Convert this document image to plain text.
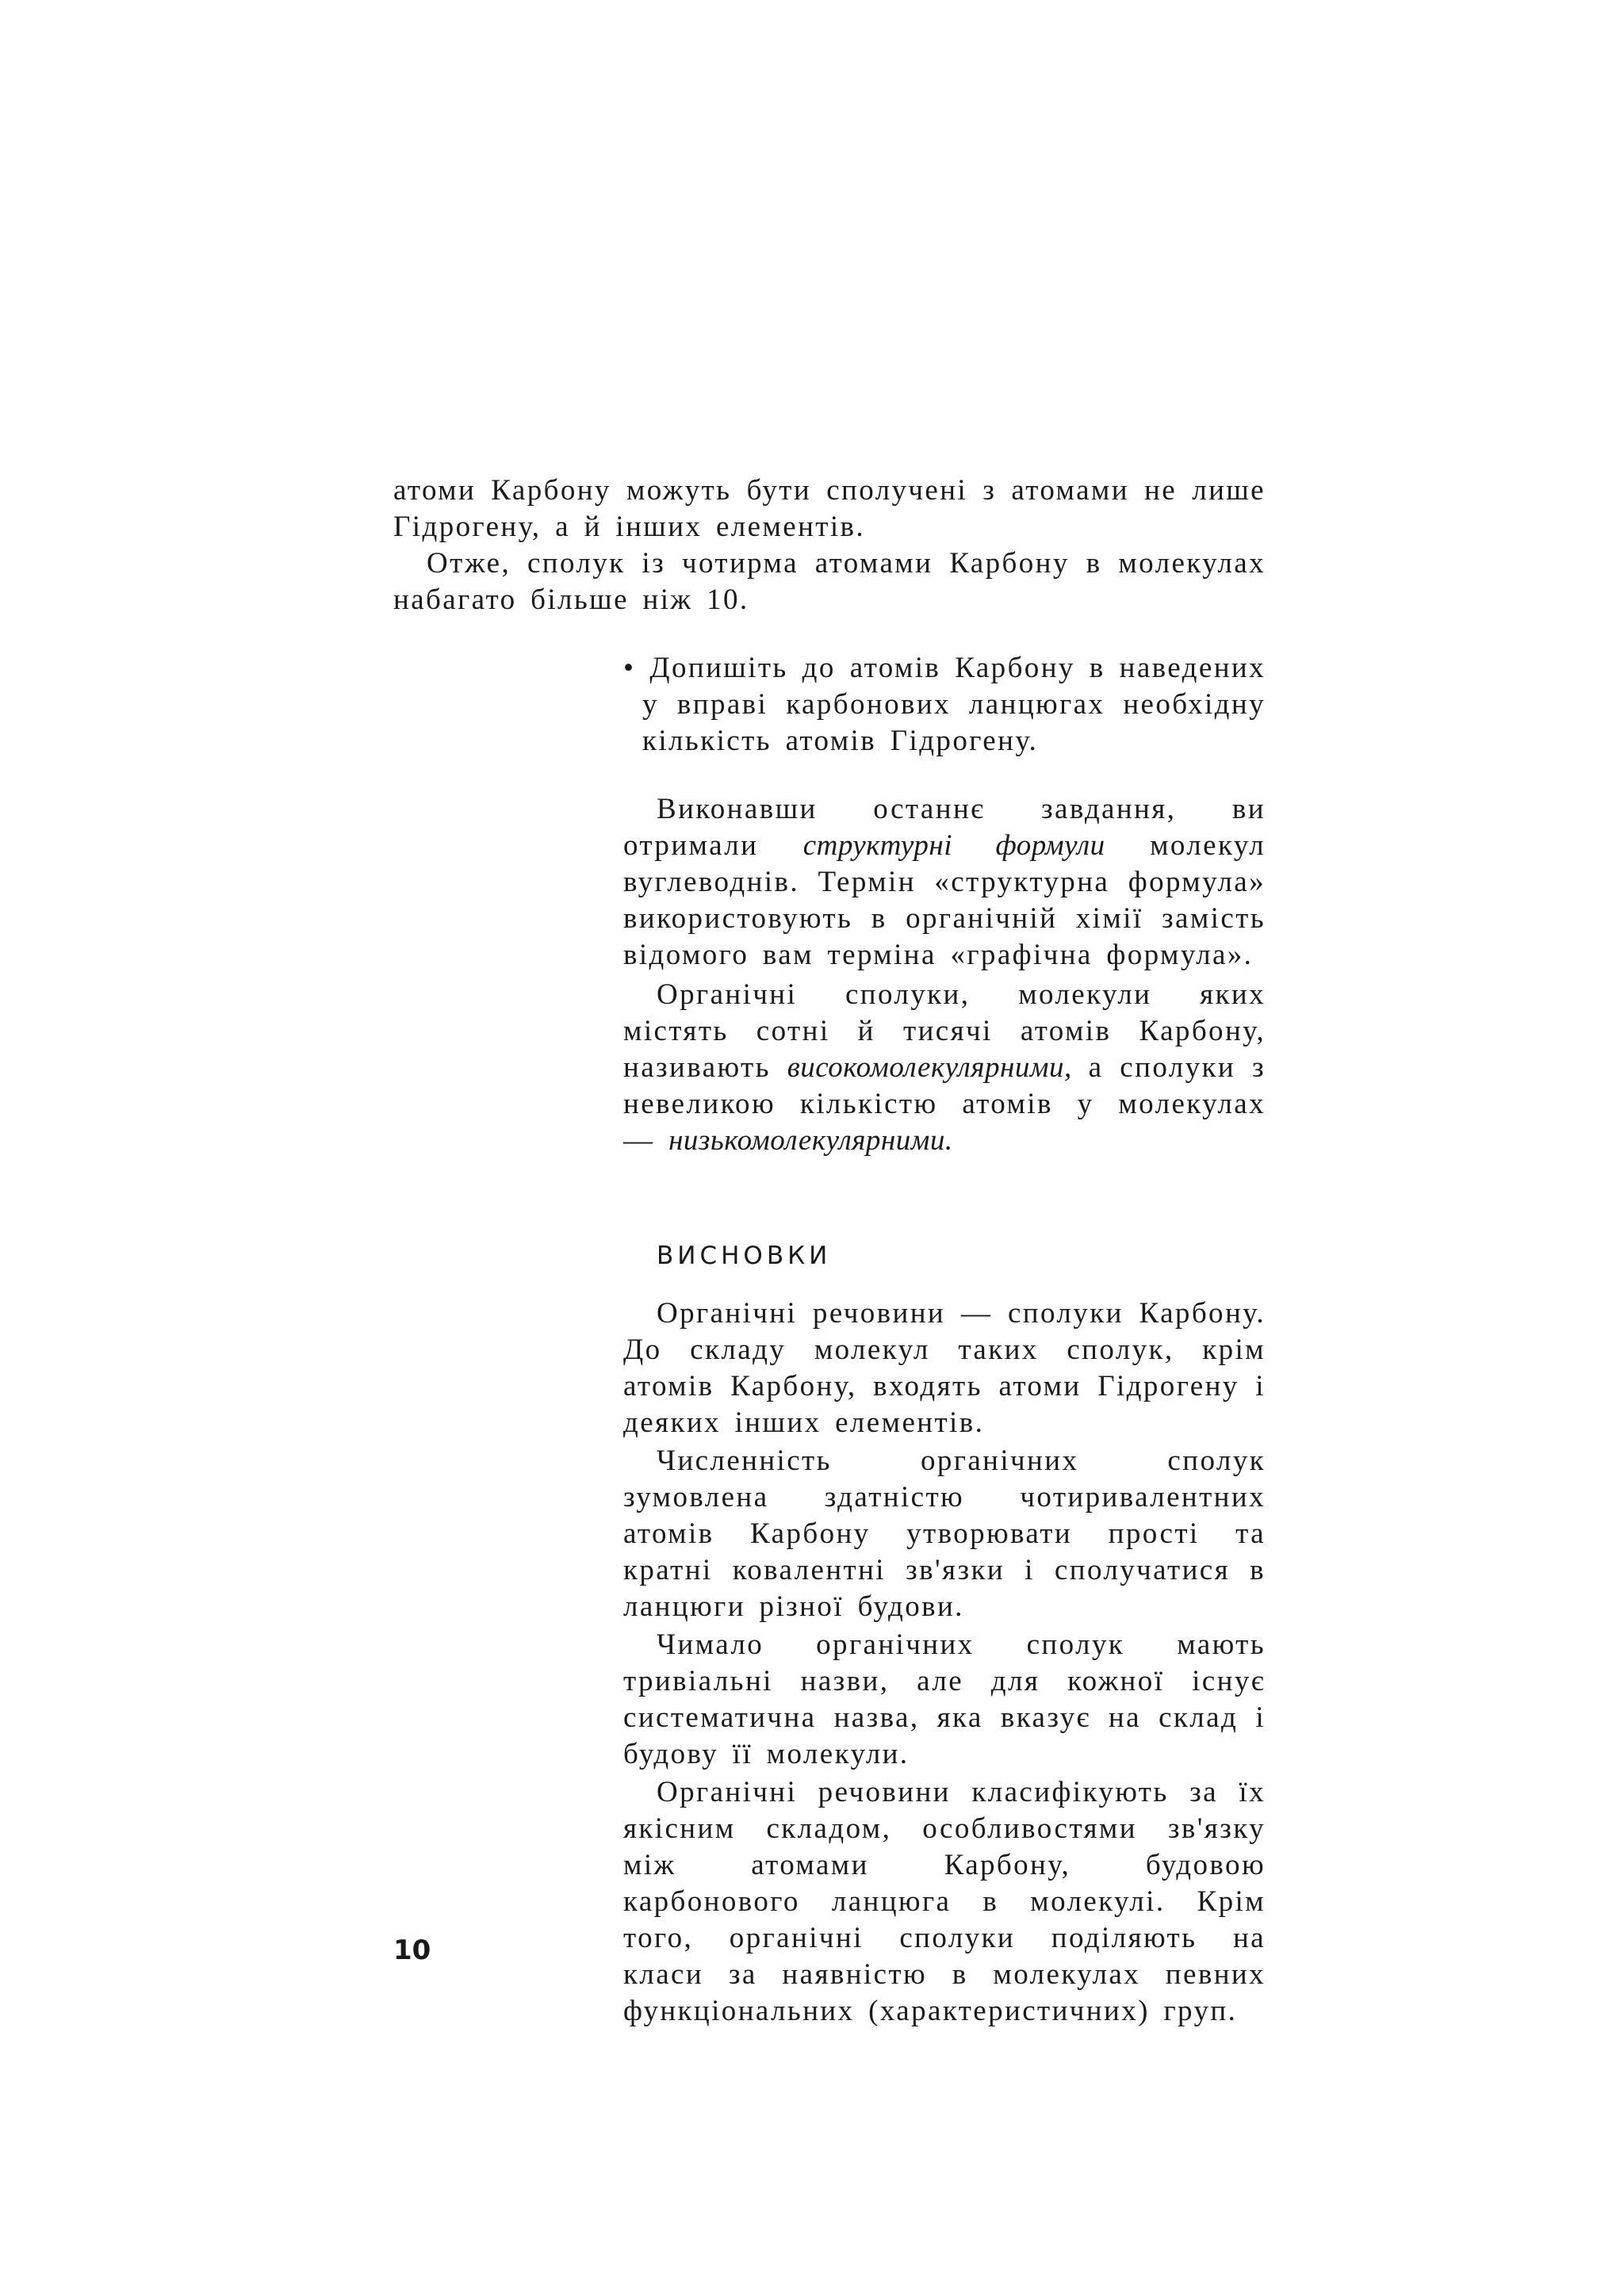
атоми Карбону можуть бути сполучені з атомами не лише Гідрогену, а й інших елементів.

Отже, сполук із чотирма атомами Карбону в молекулах набагато більше ніж 10.

• Допишіть до атомів Карбону в наведених у вправі карбонових ланцюгах необхідну кількість атомів Гідрогену.

Виконавши останнє завдання, ви отримали структурні формули молекул вуглеводнів. Термін «структурна формула» використовують в органічній хімії замість відомого вам терміна «графічна формула».

Органічні сполуки, молекули яких містять сотні й тисячі атомів Карбону, називають високомолекулярними, а сполуки з невеликою кількістю атомів у молекулах — низькомолекулярними.

ВИСНОВКИ

Органічні речовини — сполуки Карбону. До складу молекул таких сполук, крім атомів Карбону, входять атоми Гідрогену і деяких інших елементів.

Численність органічних сполук зумовлена здатністю чотиривалентних атомів Карбону утворювати прості та кратні ковалентні зв'язки і сполучатися в ланцюги різної будови.

Чимало органічних сполук мають тривіальні назви, але для кожної існує систематична назва, яка вказує на склад і будову її молекули.

Органічні речовини класифікують за їх якісним складом, особливостями зв'язку між атомами Карбону, будовою карбонового ланцюга в молекулі. Крім того, органічні сполуки поділяють на класи за наявністю в молекулах певних функціональних (характеристичних) груп.

10
